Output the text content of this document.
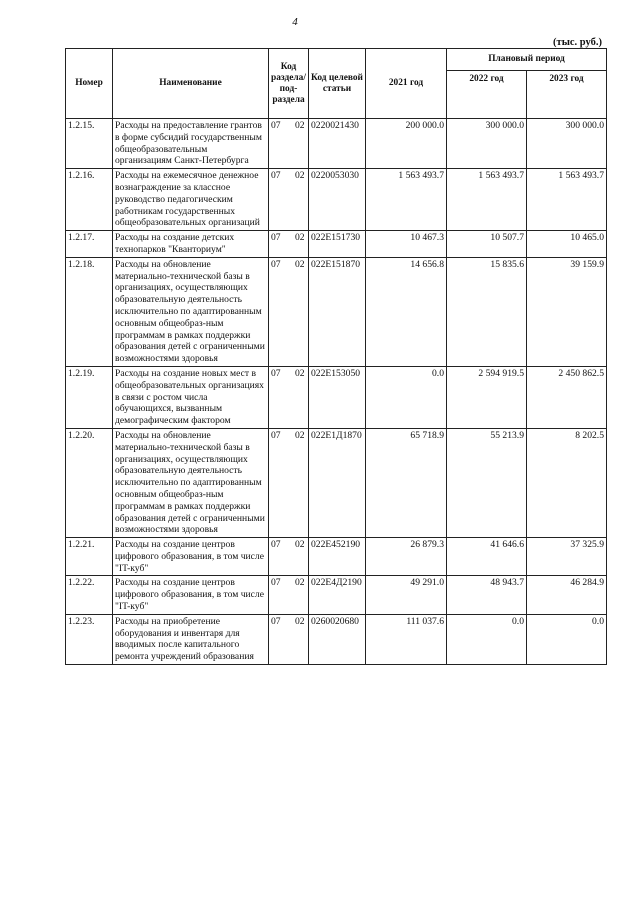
4
(тыс. руб.)
Номер	Наименование	Код раздела/ под-раздела	Код целевой статьи	2021 год	Плановый период	
					2022 год	2023 год
1.2.15.	Расходы на предоставление грантов в форме субсидий государственным общеобразовательным организациям Санкт-Петербурга	07 02	0220021430	200 000.0	300 000.0	300 000.0
1.2.16.	Расходы на ежемесячное денежное вознаграждение за классное руководство педагогическим работникам государственных общеобразовательных организаций	07 02	0220053030	1 563 493.7	1 563 493.7	1 563 493.7
1.2.17.	Расходы на создание детских технопарков "Кванториум"	07 02	022Е151730	10 467.3	10 507.7	10 465.0
1.2.18.	Расходы на обновление материально-технической базы в организациях, осуществляющих образовательную деятельность исключительно по адаптированным основным общеобраз-ным программам в рамках поддержки образования детей с ограниченными возможностями здоровья	07 02	022Е151870	14 656.8	15 835.6	39 159.9
1.2.19.	Расходы на создание новых мест в общеобразовательных организациях в связи с ростом числа обучающихся, вызванным демографическим фактором	07 02	022Е153050	0.0	2 594 919.5	2 450 862.5
1.2.20.	Расходы на обновление материально-технической базы в организациях, осуществляющих образовательную деятельность исключительно по адаптированным основным общеобраз-ным программам в рамках поддержки образования детей с ограниченными возможностями здоровья	07 02	022Е1Д1870	65 718.9	55 213.9	8 202.5
1.2.21.	Расходы на создание центров цифрового образования, в том числе "IT-куб"	07 02	022Е452190	26 879.3	41 646.6	37 325.9
1.2.22.	Расходы на создание центров цифрового образования, в том числе "IT-куб"	07 02	022Е4Д2190	49 291.0	48 943.7	46 284.9
1.2.23.	Расходы на приобретение оборудования и инвентаря для вводимых после капитального ремонта учреждений образования	07 02	0260020680	111 037.6	0.0	0.0
